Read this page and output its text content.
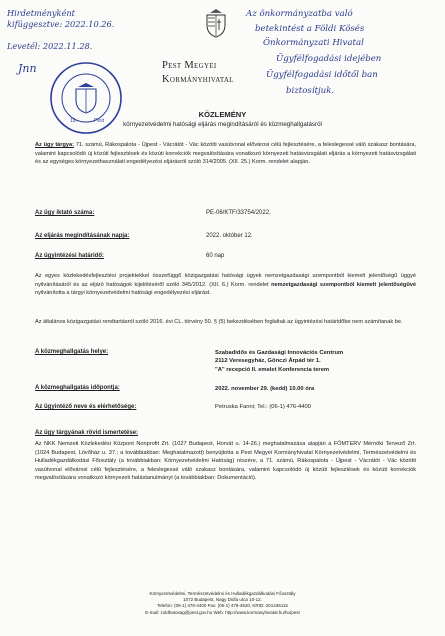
Hirdetményként
kifüggesztve: 2022.10.26.
Levetél: 2022.11.28.
Jnn
Az önkormányzatba való
betekintést a Földi Kösés
Önkormányzati Hivatal
Ügyfélfogadási idejében
Ügyfélfogadási időtől ban
biztosítjuk.
19.	Pest
Pest Megyei
Kormányhivatal
KÖZLEMÉNY
környezetvédelmi hatósági eljárás megindításáról és közmeghallgatásról
Az ügy tárgya: 71. számú, Rákospalota - Újpest - Vácrátót - Vác közötti vasútvonal elővárosi célú fejlesztésére, a feleslegessé váló szakasz bontására, valamint kapcsolódó új közúti fejlesztések és közúti korrekciók megvalósítására vonatkozó környezeti hatásvizsgálati eljárás a környezeti hatásvizsgálati és az egységes környezethasználati engedélyezési eljárásról szóló 314/2005. (XII. 25.) Korm. rendelet alapján.
Az ügy iktató száma:	PE-06/KTF/33754/2022.
Az eljárás megindításának napja:	2022. október 12.
Az ügyintézési határidő:	60 nap
Az egyes közlekedésfejlesztési projektekkel összefüggő közigazgatási hatósági ügyek nemzetgazdasági szempontból kiemelt jelentőségű üggyé nyilvánításáról és az eljáró hatóságok kijelöléséről szóló 345/2012. (XII. 6.) Korm. rendelet nemzetgazdasági szempontból kiemelt jelentőségűvé nyilvánította a tárgyi környezetvédelmi hatósági engedélyezési eljárást.
Az általános közigazgatási rendtartásról szóló 2016. évi CL. törvény 50. § (5) bekezdésében foglaltak az ügyintézési határidőbe nem számítanak be.
A közmeghallgatás helye:	Szabadidős és Gazdasági Innovációs Centrum
2112 Veresegyház, Gönczi Árpád tér 1.
"A" recepció II. emelet Konferencia terem
A közmeghallgatás időpontja:	2022. november 29. (kedd) 10.00 óra
Az ügyintéző neve és elérhetősége:	Petruska Fanni; Tel.: (06-1) 476-4400
Az ügy tárgyának rövid ismertetése:
Az NKK Nemzeti Közlekedési Központ Nonprofit Zrt. (1027 Budapest, Horvát u. 14-26.) meghatalmazása alapján a FŐMTERV Mérnöki Tervező Zrt. (1024 Budapest, Lövőház u. 37.; a továbbiakban: Meghatalmazott) benyújtotta a Pest Megyei Kormányhivatal Környezetvédelmi, Természetvédelmi és Hulladékgazdálkodási Főosztály (a továbbiakban: Környezetvédelmi Hatóság) részére, a 71. számú, Rákospalota - Újpest - Vácrátót - Vác közötti vasútvonal elővárosi célú fejlesztésére, a feleslegessé váló szakasz bontására, valamint kapcsolódó új közúti fejlesztések és közúti korrekciók megvalósítására vonatkozó környezeti hatástanulmányt (a továbbiakban: Dokumentáció).
Környezetvédelmi, Természetvédelmi és Hulladékgazdálkodási Főosztály
1072 Budapest, Nagy Diófa utca 10-12.
Telefon: (06-1) 478-4400 Fax: (06-1) 478-4520, KRID: 201436115
E-mail: zoldhatosag@pest.gov.hu Web: http://www.kormanyhivatal.hu/hu/pest
